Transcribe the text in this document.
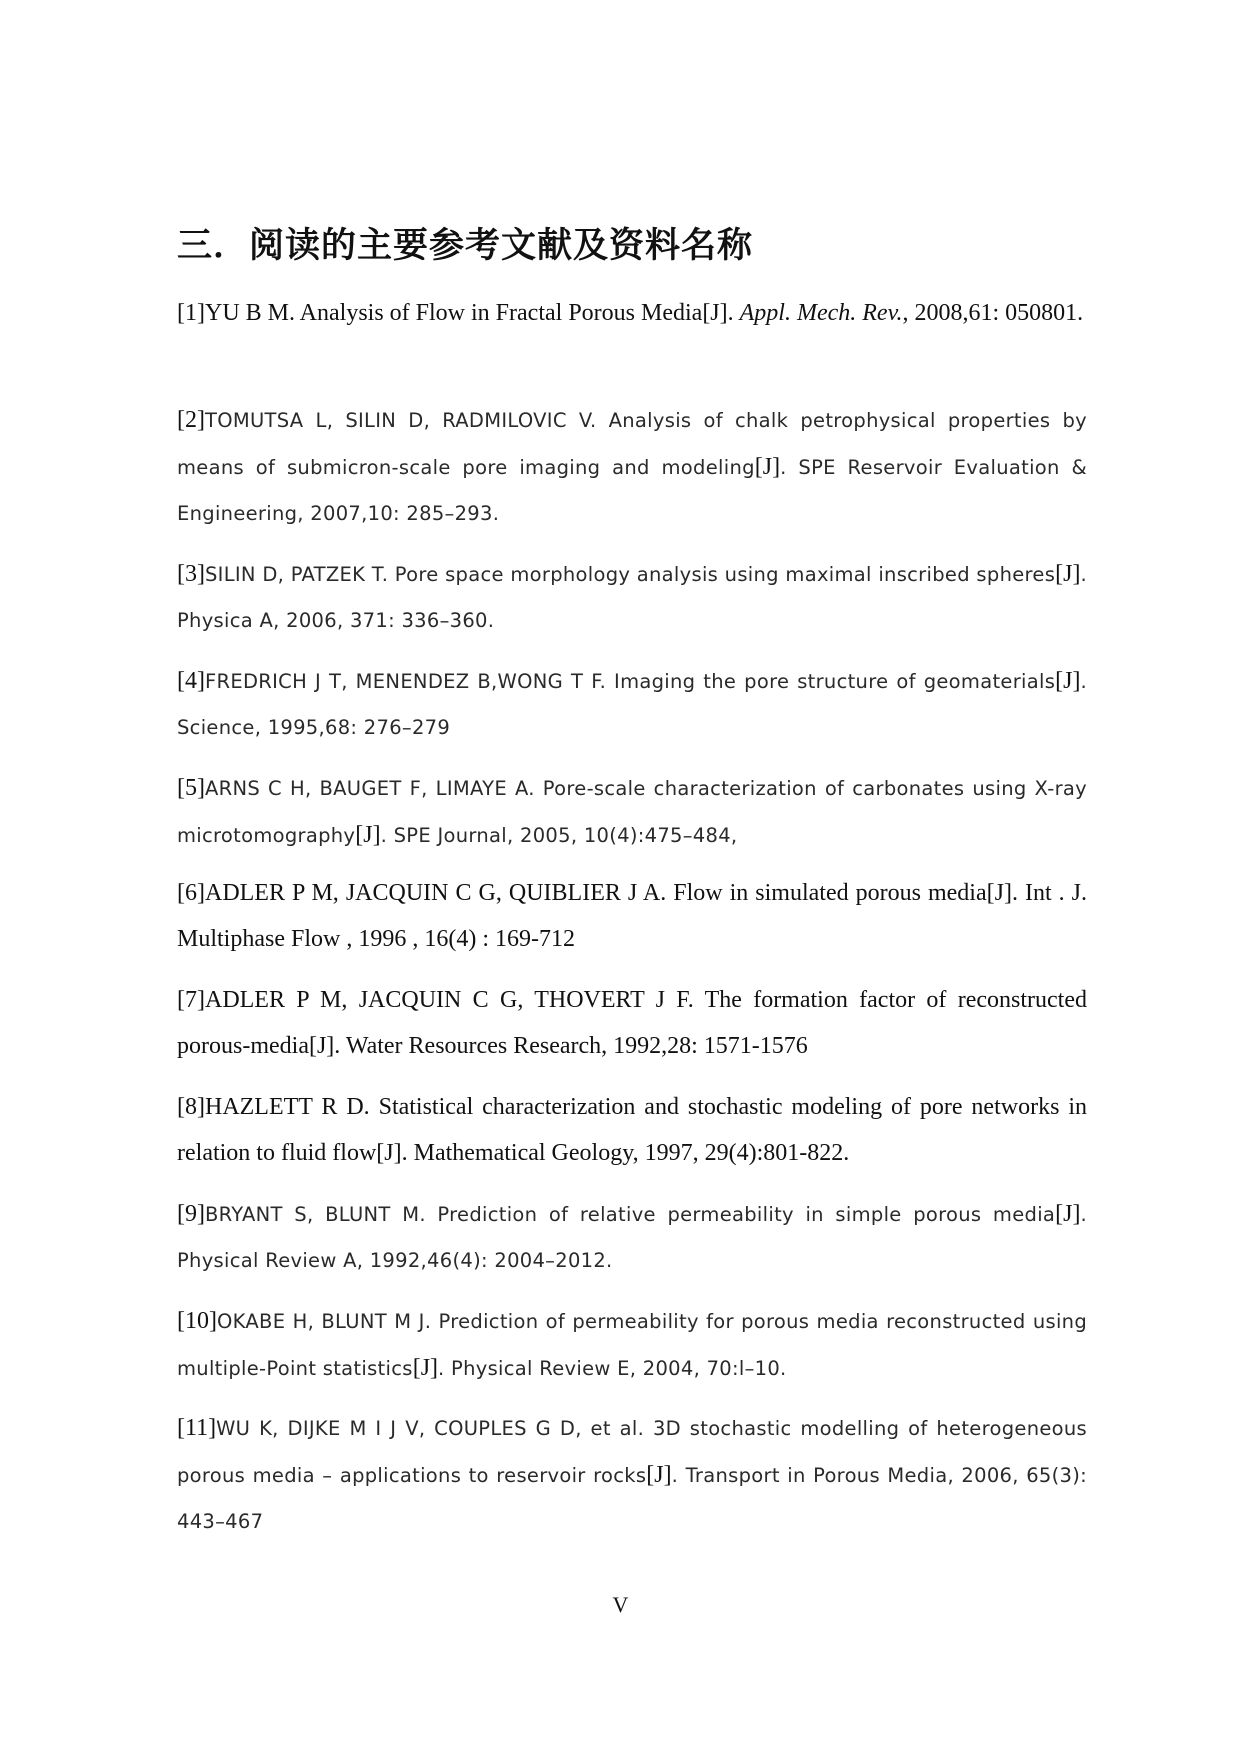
三．阅读的主要参考文献及资料名称
[1]YU B M. Analysis of Flow in Fractal Porous Media[J]. Appl. Mech. Rev., 2008,61: 050801.
[2]TOMUTSA L, SILIN D, RADMILOVIC V. Analysis of chalk petrophysical properties by means of submicron-scale pore imaging and modeling[J]. SPE Reservoir Evaluation & Engineering, 2007,10: 285–293.
[3]SILIN D, PATZEK T. Pore space morphology analysis using maximal inscribed spheres[J]. Physica A, 2006, 371: 336–360.
[4]FREDRICH J T, MENENDEZ B,WONG T F. Imaging the pore structure of geomaterials[J]. Science, 1995,68: 276–279
[5]ARNS C H, BAUGET F, LIMAYE A. Pore-scale characterization of carbonates using X-ray microtomography[J]. SPE Journal, 2005, 10(4):475–484,
[6]ADLER P M, JACQUIN C G, QUIBLIER J A. Flow in simulated porous media[J]. Int . J. Multiphase Flow , 1996 , 16(4) : 169-712
[7]ADLER P M, JACQUIN C G, THOVERT J F. The formation factor of reconstructed porous-media[J]. Water Resources Research, 1992,28: 1571-1576
[8]HAZLETT R D. Statistical characterization and stochastic modeling of pore networks in relation to fluid flow[J]. Mathematical Geology, 1997, 29(4):801-822.
[9]BRYANT S, BLUNT M. Prediction of relative permeability in simple porous media[J]. Physical Review A, 1992,46(4): 2004–2012.
[10]OKABE H, BLUNT M J. Prediction of permeability for porous media reconstructed using multiple-Point statistics[J]. Physical Review E, 2004, 70:l–10.
[11]WU K, DIJKE M I J V, COUPLES G D, et al. 3D stochastic modelling of heterogeneous porous media – applications to reservoir rocks[J]. Transport in Porous Media, 2006, 65(3): 443–467
V
